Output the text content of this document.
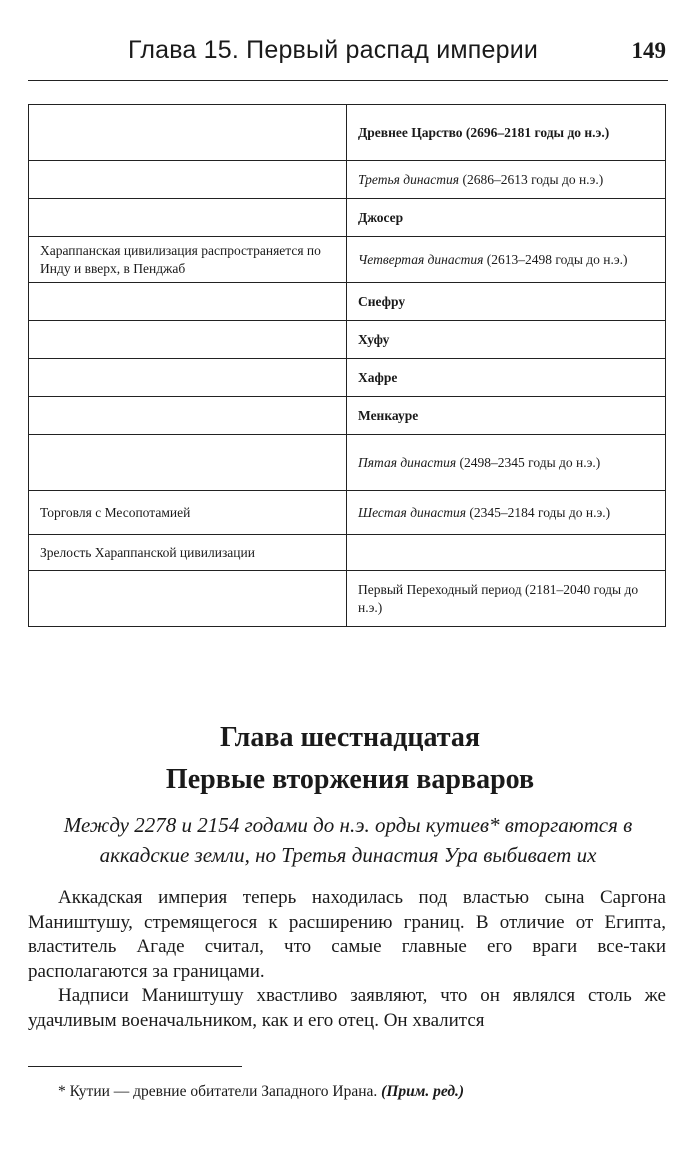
Глава 15. Первый распад империи	149
	Древнее Царство (2696–2181 годы до н.э.)
	Третья династия (2686–2613 годы до н.э.)
	Джосер
Хараппанская цивилизация распространяется по Инду и вверх, в Пенджаб	Четвертая династия (2613–2498 годы до н.э.)
	Снефру
	Хуфу
	Хафре
	Менкауре
	Пятая династия (2498–2345 годы до н.э.)
Торговля с Месопотамией	Шестая династия (2345–2184 годы до н.э.)
Зрелость Хараппанской цивилизации	
	Первый Переходный период (2181–2040 годы до н.э.)
Глава шестнадцатая
Первые вторжения варваров
Между 2278 и 2154 годами до н.э. орды кутиев* вторгаются в аккадские земли, но Третья династия Ура выбивает их

Аккадская империя теперь находилась под властью сына Саргона Маништушу, стремящегося к расширению границ. В отличие от Египта, властитель Агаде считал, что самые главные его враги все-таки располагаются за границами.

Надписи Маништушу хвастливо заявляют, что он являлся столь же удачливым военачальником, как и его отец. Он хвалится

* Кутии — древние обитатели Западного Ирана. (Прим. ред.)
